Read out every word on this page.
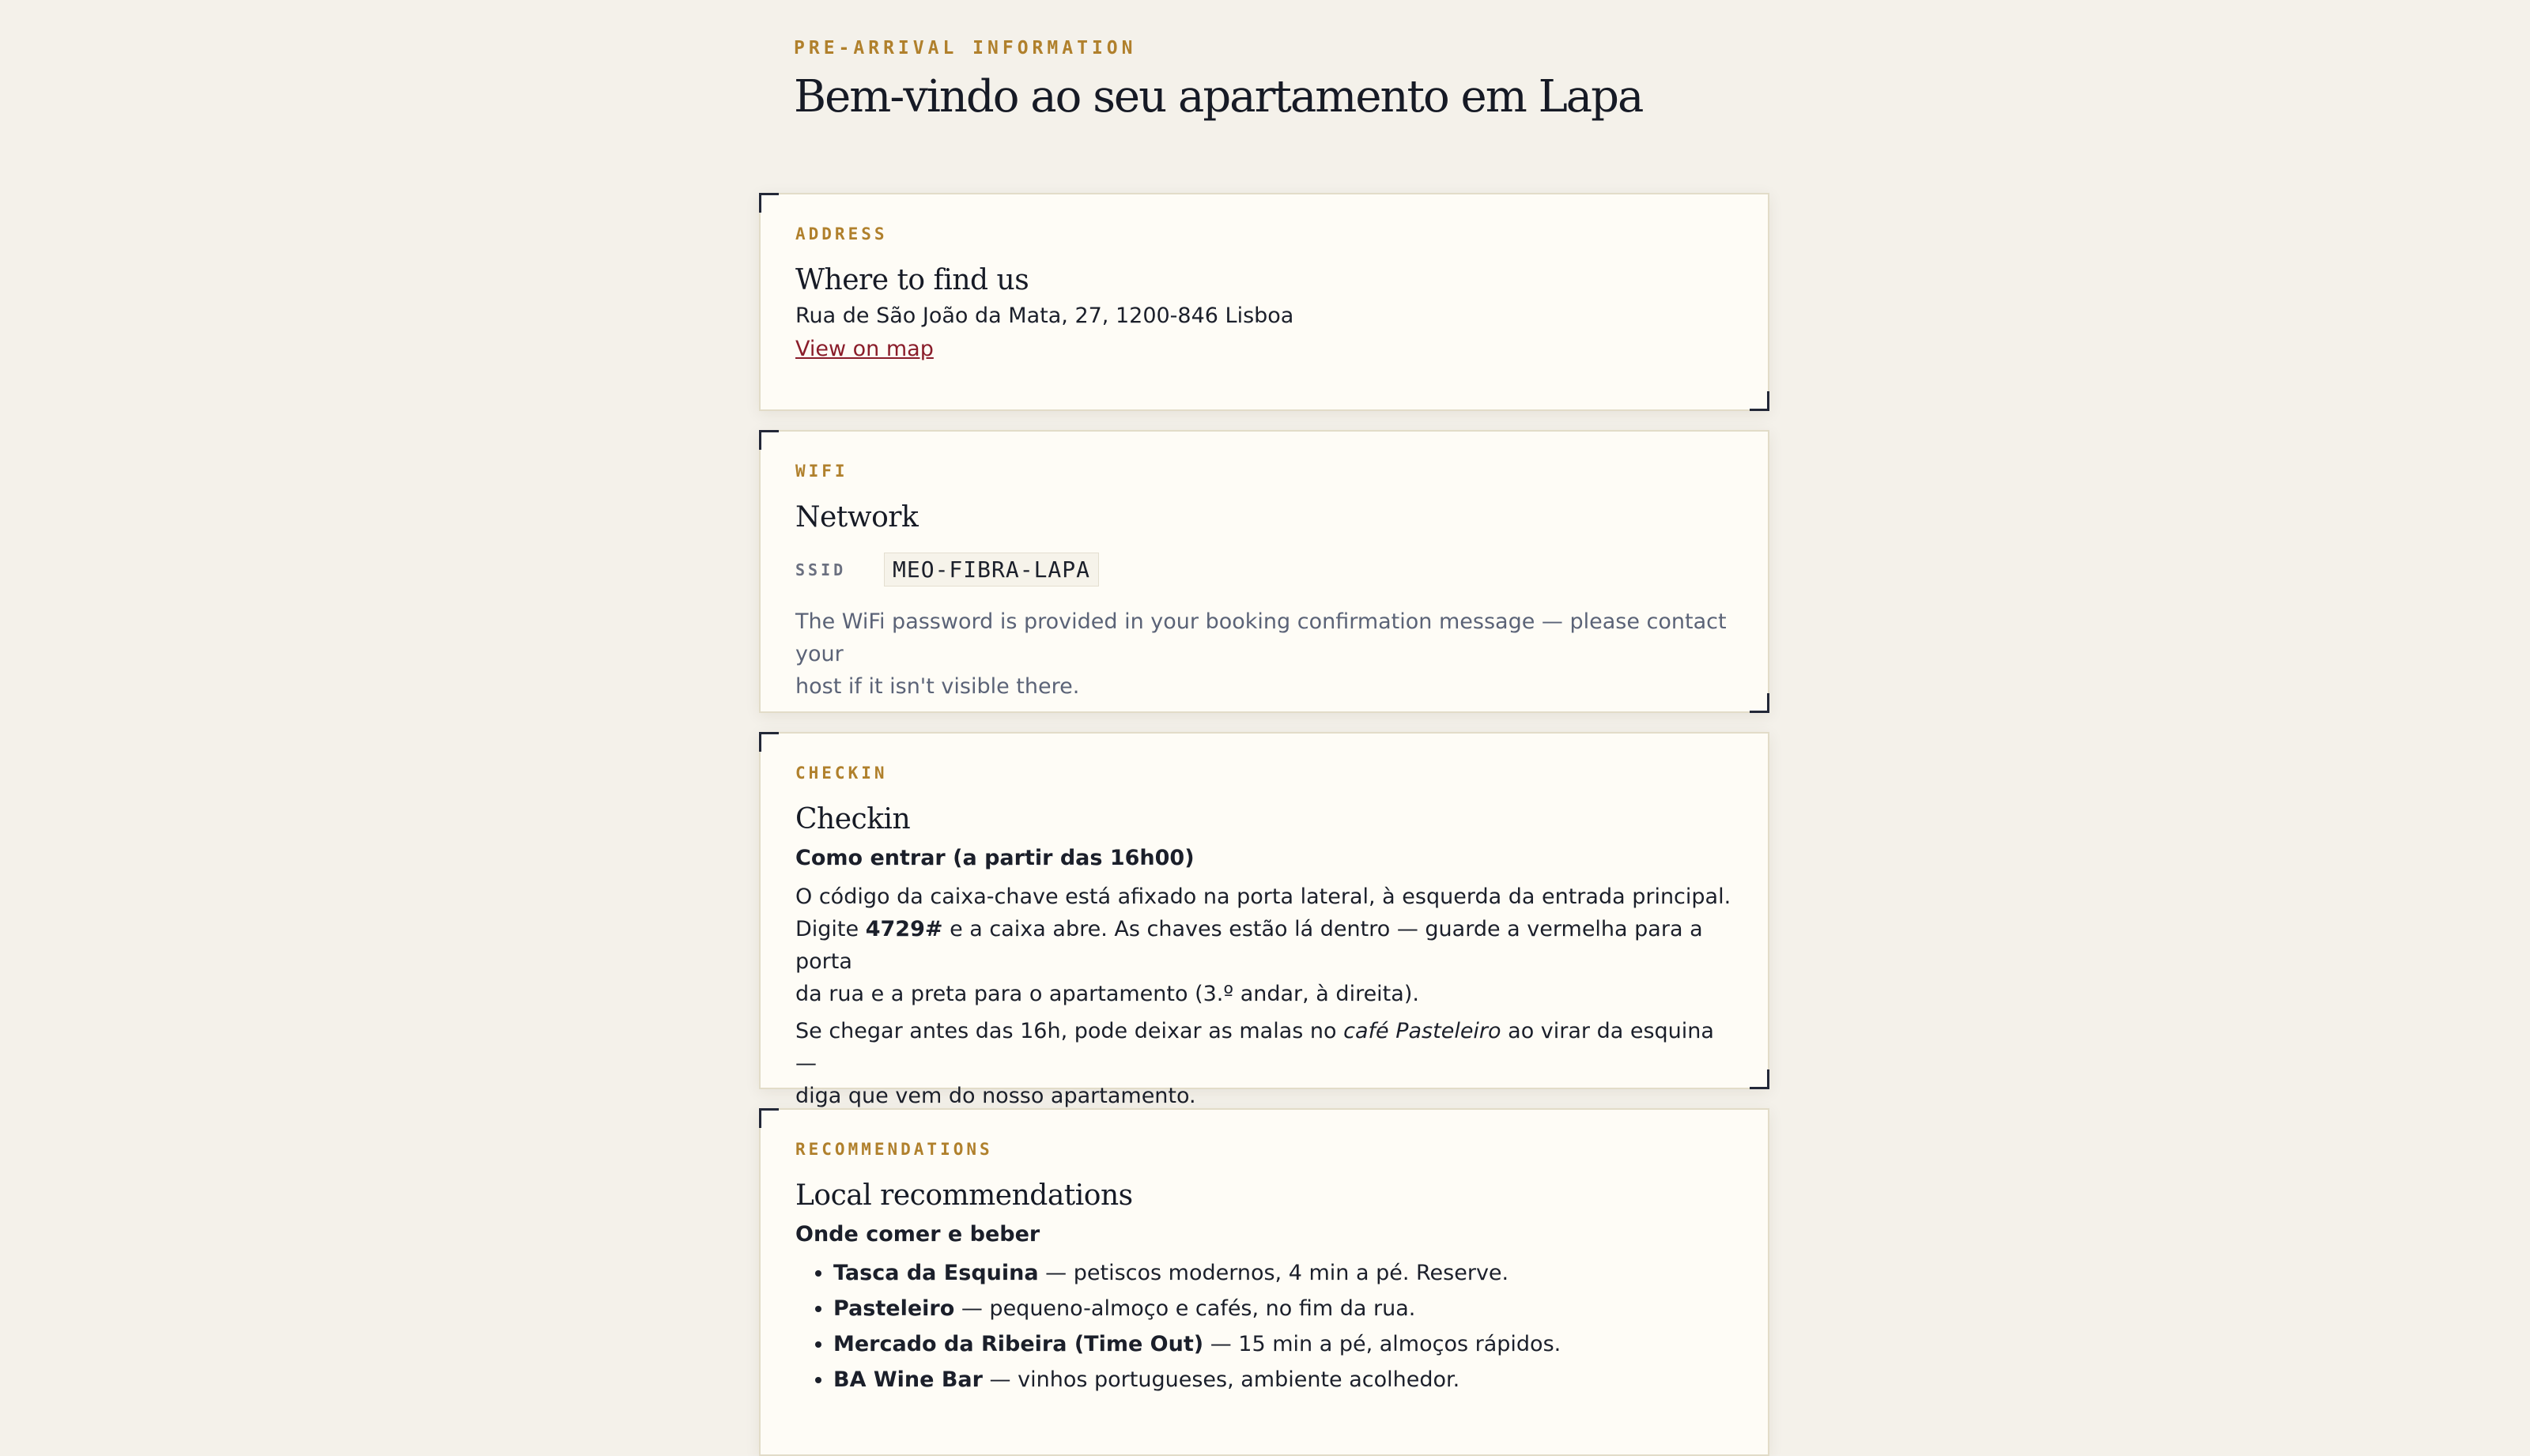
PRE-ARRIVAL INFORMATION
Bem-vindo ao seu apartamento em Lapa
ADDRESS
Where to find us
Rua de São João da Mata, 27, 1200-846 Lisboa
View on map
WIFI
Network
SSID	MEO-FIBRA-LAPA
The WiFi password is provided in your booking confirmation message — please contact your
host if it isn't visible there.
CHECKIN
Checkin
Como entrar (a partir das 16h00)
O código da caixa-chave está afixado na porta lateral, à esquerda da entrada principal.
Digite 4729# e a caixa abre. As chaves estão lá dentro — guarde a vermelha para a porta
da rua e a preta para o apartamento (3.º andar, à direita).
Se chegar antes das 16h, pode deixar as malas no café Pasteleiro ao virar da esquina —
diga que vem do nosso apartamento.
RECOMMENDATIONS
Local recommendations
Onde comer e beber
• Tasca da Esquina — petiscos modernos, 4 min a pé. Reserve.
• Pasteleiro — pequeno-almoço e cafés, no fim da rua.
• Mercado da Ribeira (Time Out) — 15 min a pé, almoços rápidos.
• BA Wine Bar — vinhos portugueses, ambiente acolhedor.
